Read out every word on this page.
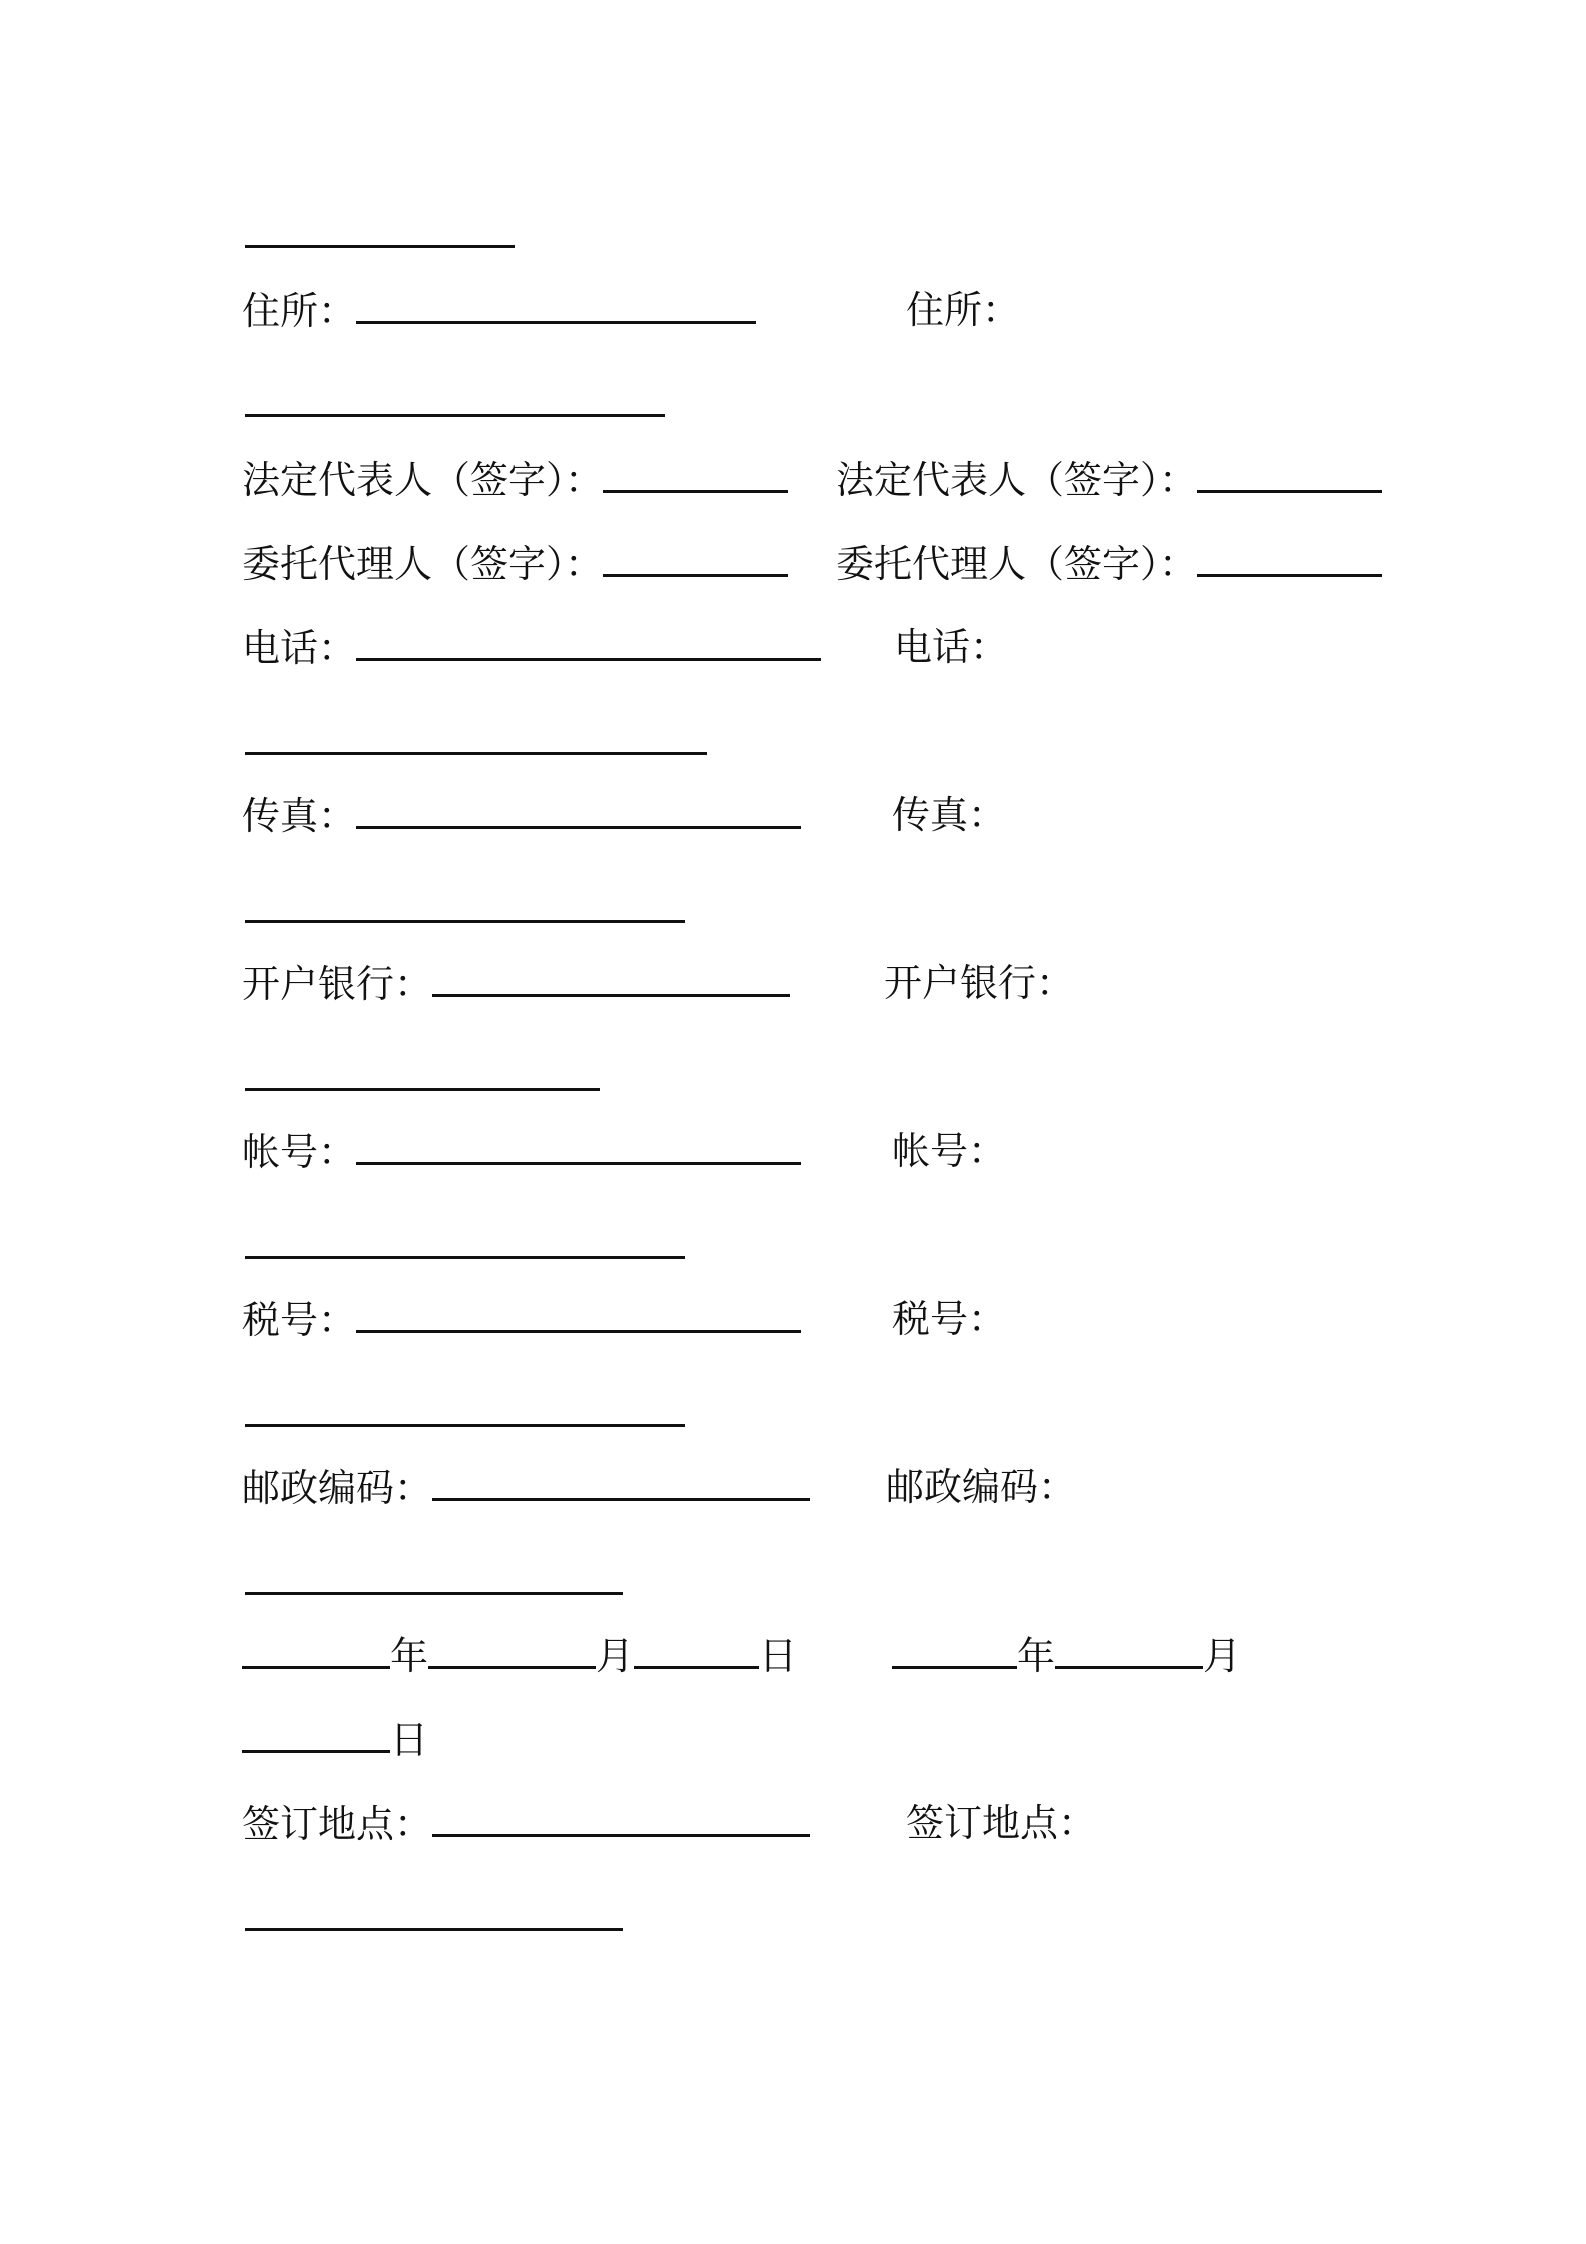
住所：	住所：
法定代表人（签字）：	法定代表人（签字）：
委托代理人（签字）：	委托代理人（签字）：
电话：	电话：
传真：	传真：
开户银行：	开户银行：
帐号：	帐号：
税号：	税号：
邮政编码：	邮政编码：
年	月	日	年	月
日
签订地点：	签订地点：
